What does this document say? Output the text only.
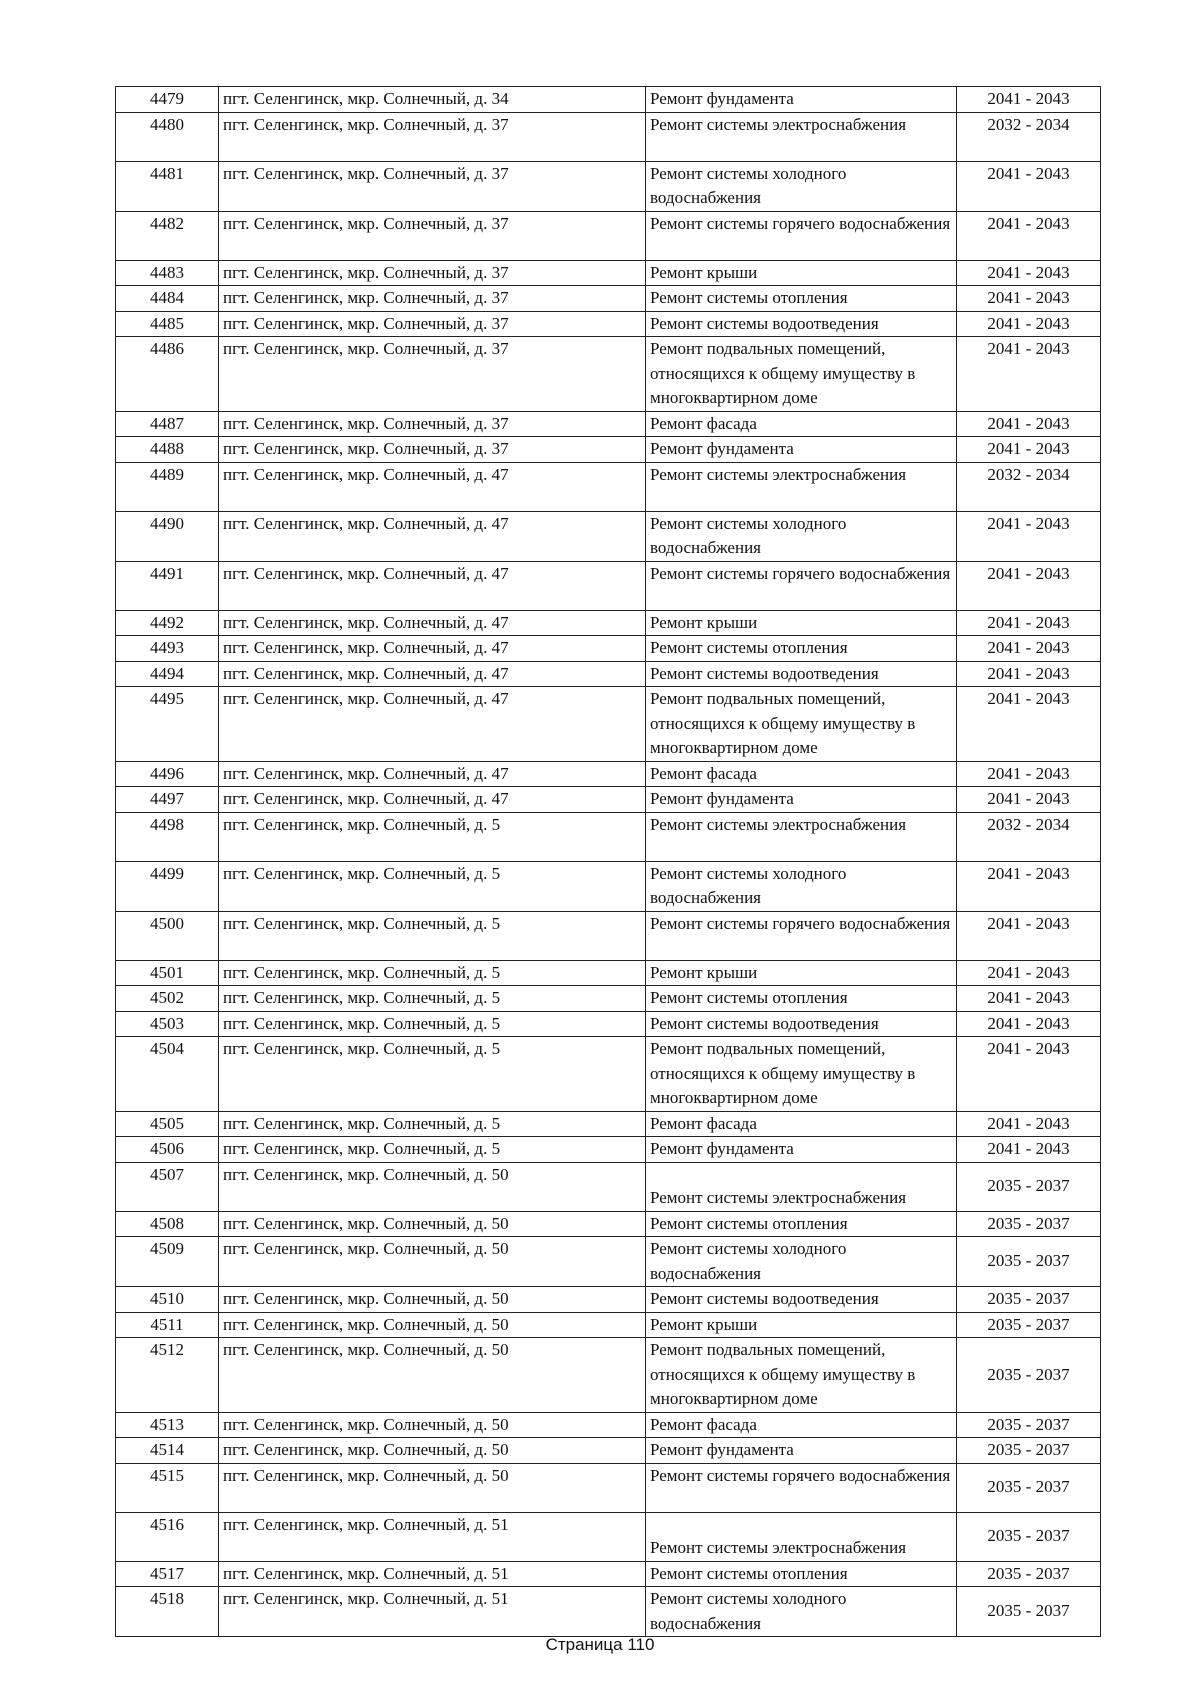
4479	пгт. Селенгинск, мкр. Солнечный, д. 34	Ремонт фундамента	2041 - 2043
4480	пгт. Селенгинск, мкр. Солнечный, д. 37	Ремонт системы электроснабжения	2032 - 2034
4481	пгт. Селенгинск, мкр. Солнечный, д. 37	Ремонт системы холодного водоснабжения	2041 - 2043
4482	пгт. Селенгинск, мкр. Солнечный, д. 37	Ремонт системы горячего водоснабжения	2041 - 2043
4483	пгт. Селенгинск, мкр. Солнечный, д. 37	Ремонт крыши	2041 - 2043
4484	пгт. Селенгинск, мкр. Солнечный, д. 37	Ремонт системы отопления	2041 - 2043
4485	пгт. Селенгинск, мкр. Солнечный, д. 37	Ремонт системы водоотведения	2041 - 2043
4486	пгт. Селенгинск, мкр. Солнечный, д. 37	Ремонт подвальных помещений, относящихся к общему имуществу в многоквартирном доме	2041 - 2043
4487	пгт. Селенгинск, мкр. Солнечный, д. 37	Ремонт фасада	2041 - 2043
4488	пгт. Селенгинск, мкр. Солнечный, д. 37	Ремонт фундамента	2041 - 2043
4489	пгт. Селенгинск, мкр. Солнечный, д. 47	Ремонт системы электроснабжения	2032 - 2034
4490	пгт. Селенгинск, мкр. Солнечный, д. 47	Ремонт системы холодного водоснабжения	2041 - 2043
4491	пгт. Селенгинск, мкр. Солнечный, д. 47	Ремонт системы горячего водоснабжения	2041 - 2043
4492	пгт. Селенгинск, мкр. Солнечный, д. 47	Ремонт крыши	2041 - 2043
4493	пгт. Селенгинск, мкр. Солнечный, д. 47	Ремонт системы отопления	2041 - 2043
4494	пгт. Селенгинск, мкр. Солнечный, д. 47	Ремонт системы водоотведения	2041 - 2043
4495	пгт. Селенгинск, мкр. Солнечный, д. 47	Ремонт подвальных помещений, относящихся к общему имуществу в многоквартирном доме	2041 - 2043
4496	пгт. Селенгинск, мкр. Солнечный, д. 47	Ремонт фасада	2041 - 2043
4497	пгт. Селенгинск, мкр. Солнечный, д. 47	Ремонт фундамента	2041 - 2043
4498	пгт. Селенгинск, мкр. Солнечный, д. 5	Ремонт системы электроснабжения	2032 - 2034
4499	пгт. Селенгинск, мкр. Солнечный, д. 5	Ремонт системы холодного водоснабжения	2041 - 2043
4500	пгт. Селенгинск, мкр. Солнечный, д. 5	Ремонт системы горячего водоснабжения	2041 - 2043
4501	пгт. Селенгинск, мкр. Солнечный, д. 5	Ремонт крыши	2041 - 2043
4502	пгт. Селенгинск, мкр. Солнечный, д. 5	Ремонт системы отопления	2041 - 2043
4503	пгт. Селенгинск, мкр. Солнечный, д. 5	Ремонт системы водоотведения	2041 - 2043
4504	пгт. Селенгинск, мкр. Солнечный, д. 5	Ремонт подвальных помещений, относящихся к общему имуществу в многоквартирном доме	2041 - 2043
4505	пгт. Селенгинск, мкр. Солнечный, д. 5	Ремонт фасада	2041 - 2043
4506	пгт. Селенгинск, мкр. Солнечный, д. 5	Ремонт фундамента	2041 - 2043
4507	пгт. Селенгинск, мкр. Солнечный, д. 50	Ремонт системы электроснабжения	2035 - 2037
4508	пгт. Селенгинск, мкр. Солнечный, д. 50	Ремонт системы отопления	2035 - 2037
4509	пгт. Селенгинск, мкр. Солнечный, д. 50	Ремонт системы холодного водоснабжения	2035 - 2037
4510	пгт. Селенгинск, мкр. Солнечный, д. 50	Ремонт системы водоотведения	2035 - 2037
4511	пгт. Селенгинск, мкр. Солнечный, д. 50	Ремонт крыши	2035 - 2037
4512	пгт. Селенгинск, мкр. Солнечный, д. 50	Ремонт подвальных помещений, относящихся к общему имуществу в многоквартирном доме	2035 - 2037
4513	пгт. Селенгинск, мкр. Солнечный, д. 50	Ремонт фасада	2035 - 2037
4514	пгт. Селенгинск, мкр. Солнечный, д. 50	Ремонт фундамента	2035 - 2037
4515	пгт. Селенгинск, мкр. Солнечный, д. 50	Ремонт системы горячего водоснабжения	2035 - 2037
4516	пгт. Селенгинск, мкр. Солнечный, д. 51	Ремонт системы электроснабжения	2035 - 2037
4517	пгт. Селенгинск, мкр. Солнечный, д. 51	Ремонт системы отопления	2035 - 2037
4518	пгт. Селенгинск, мкр. Солнечный, д. 51	Ремонт системы холодного водоснабжения	2035 - 2037
Страница 110
